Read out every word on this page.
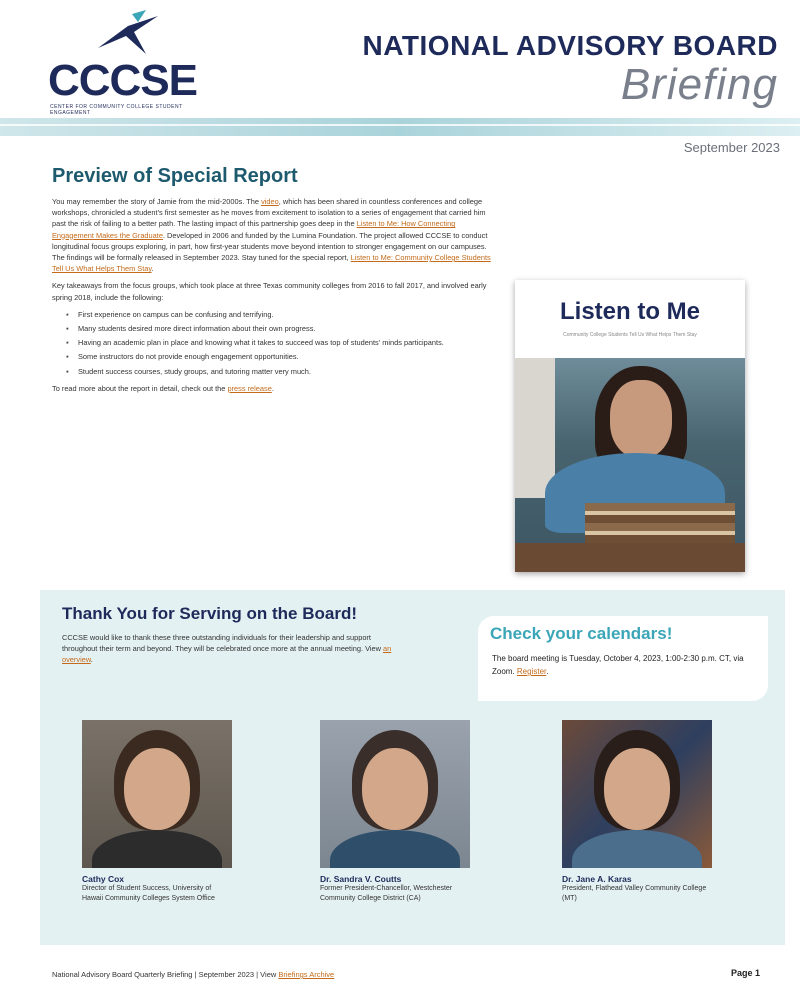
CCCSE
CENTER FOR COMMUNITY COLLEGE STUDENT ENGAGEMENT
NATIONAL ADVISORY BOARD
Briefing
September 2023
Preview of Special Report

You may remember the story of Jamie from the mid-2000s. The video, which has been shared in countless conferences and college workshops, chronicled a student's first semester as he moves from excitement to isolation to a series of engagement that carried him past the risk of failing to a better path. The lasting impact of this partnership goes deep in the Listen to Me: How Connecting Engagement Makes the Graduate. Developed in 2006 and funded by the Lumina Foundation. The project allowed CCCSE to conduct longitudinal focus groups exploring, in part, how first-year students move beyond intention to stronger engagement on our campuses. The findings will be formally released in September 2023. Stay tuned for the special report, Listen to Me: Community College Students Tell Us What Helps Them Stay.

Key takeaways from the focus groups, which took place at three Texas community colleges from 2016 to fall 2017, and involved early spring 2018, include the following:

▪ First experience on campus can be confusing and terrifying.
▪ Many students desired more direct information about their own progress.
▪ Having an academic plan in place and knowing what it takes to succeed was top of students' minds participants.
▪ Some instructors do not provide enough engagement opportunities.
▪ Student success courses, study groups, and tutoring matter very much.

To read more about the report in detail, check out the press release.

Listen to Me
Community College Students Tell Us What Helps Them Stay
Thank You for Serving on the Board!

CCCSE would like to thank these three outstanding individuals for their leadership and support throughout their term and beyond. They will be celebrated once more at the annual meeting. View an overview.

Check your calendars!

The board meeting is Tuesday, October 4, 2023, 1:00-2:30 p.m. CT, via Zoom. Register.

Cathy Cox
Director of Student Success, University of Hawaii Community Colleges System Office
Dr. Sandra V. Coutts
Former President-Chancellor, Westchester Community College District (CA)
Dr. Jane A. Karas
President, Flathead Valley Community College (MT)
National Advisory Board Quarterly Briefing | September 2023 | View Briefings Archive	Page 1
